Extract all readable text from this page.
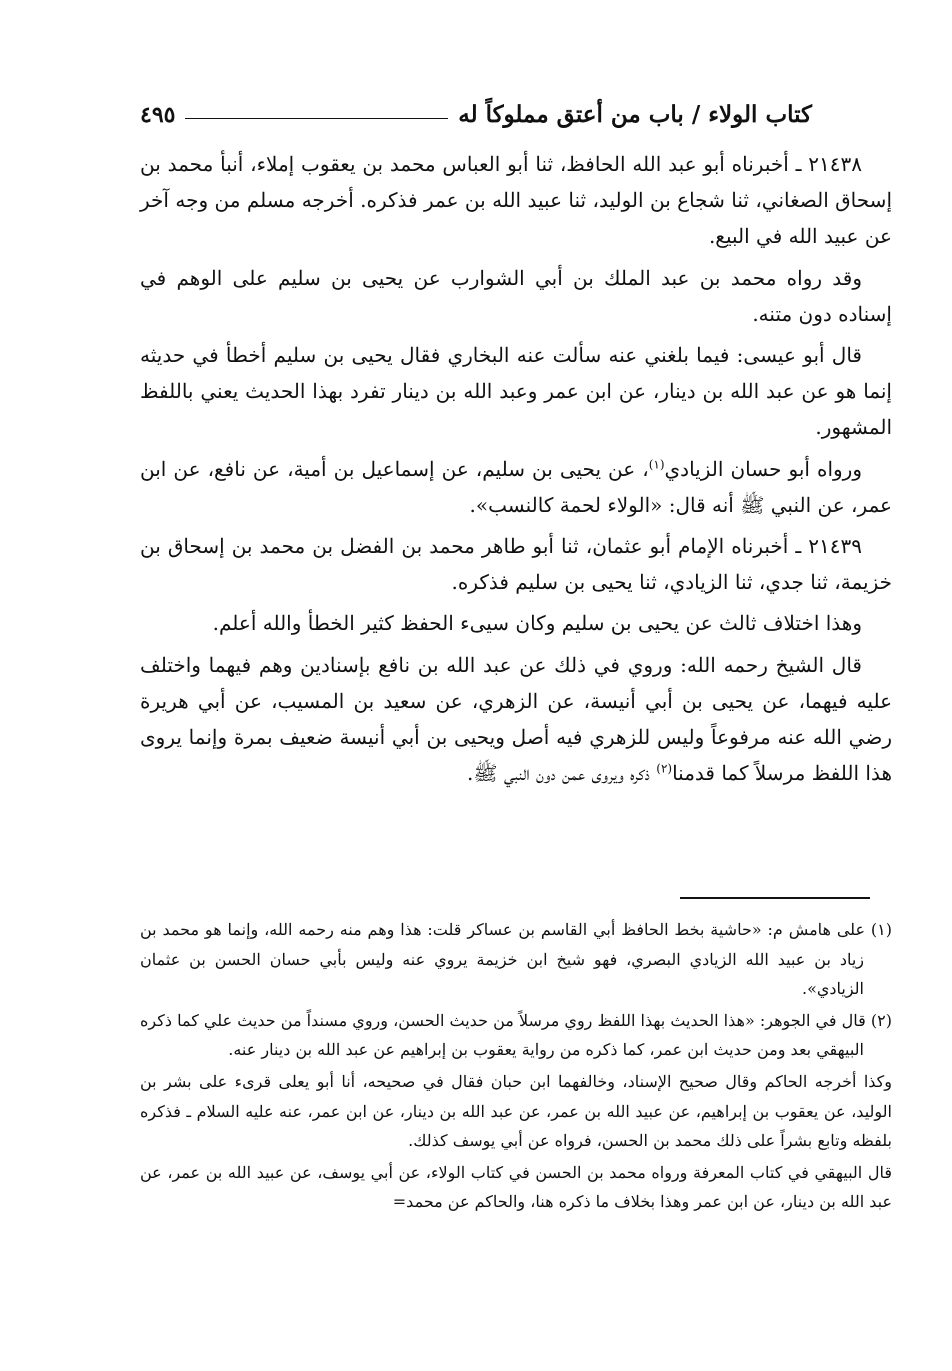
كتاب الولاء / باب من أعتق مملوكاً له
٤٩٥

٢١٤٣٨ ـ أخبرناه أبو عبد الله الحافظ، ثنا أبو العباس محمد بن يعقوب إملاء، أنبأ محمد بن إسحاق الصغاني، ثنا شجاع بن الوليد، ثنا عبيد الله بن عمر فذكره. أخرجه مسلم من وجه آخر عن عبيد الله في البيع.

وقد رواه محمد بن عبد الملك بن أبي الشوارب عن يحيى بن سليم على الوهم في إسناده دون متنه.

قال أبو عيسى: فيما بلغني عنه سألت عنه البخاري فقال يحيى بن سليم أخطأ في حديثه إنما هو عن عبد الله بن دينار، عن ابن عمر وعبد الله بن دينار تفرد بهذا الحديث يعني باللفظ المشهور.

ورواه أبو حسان الزيادي$^{(١)}$، عن يحيى بن سليم، عن إسماعيل بن أمية، عن نافع، عن ابن عمر، عن النبي ﷺ أنه قال: «الولاء لحمة كالنسب».

٢١٤٣٩ ـ أخبرناه الإمام أبو عثمان، ثنا أبو طاهر محمد بن الفضل بن محمد بن إسحاق بن خزيمة، ثنا جدي، ثنا الزيادي، ثنا يحيى بن سليم فذكره.

وهذا اختلاف ثالث عن يحيى بن سليم وكان سيىء الحفظ كثير الخطأ والله أعلم.

قال الشيخ رحمه الله: وروي في ذلك عن عبد الله بن نافع بإسنادين وهم فيهما واختلف عليه فيهما، عن يحيى بن أبي أنيسة، عن الزهري، عن سعيد بن المسيب، عن أبي هريرة رضي الله عنه مرفوعاً وليس للزهري فيه أصل ويحيى بن أبي أنيسة ضعيف بمرة وإنما يروى هذا اللفظ مرسلاً كما قدمنا$^{(٢)}$ ذكره ويروى عمن دون النبي ﷺ.

(١) على هامش م: «حاشية بخط الحافظ أبي القاسم بن عساكر قلت: هذا وهم منه رحمه الله، وإنما هو محمد بن زياد بن عبيد الله الزيادي البصري، فهو شيخ ابن خزيمة يروي عنه وليس بأبي حسان الحسن بن عثمان الزيادي».

(٢) قال في الجوهر: «هذا الحديث بهذا اللفظ روي مرسلاً من حديث الحسن، وروي مسنداً من حديث علي كما ذكره البيهقي بعد ومن حديث ابن عمر، كما ذكره من رواية يعقوب بن إبراهيم عن عبد الله بن دينار عنه.

وكذا أخرجه الحاكم وقال صحيح الإسناد، وخالفهما ابن حبان فقال في صحيحه، أنا أبو يعلى قرىء على بشر بن الوليد، عن يعقوب بن إبراهيم، عن عبيد الله بن عمر، عن عبد الله بن دينار، عن ابن عمر، عنه عليه السلام ـ فذكره بلفظه وتابع بشراً على ذلك محمد بن الحسن، فرواه عن أبي يوسف كذلك.

قال البيهقي في كتاب المعرفة ورواه محمد بن الحسن في كتاب الولاء، عن أبي يوسف، عن عبيد الله بن عمر، عن عبد الله بن دينار، عن ابن عمر وهذا بخلاف ما ذكره هنا، والحاكم عن محمد=
